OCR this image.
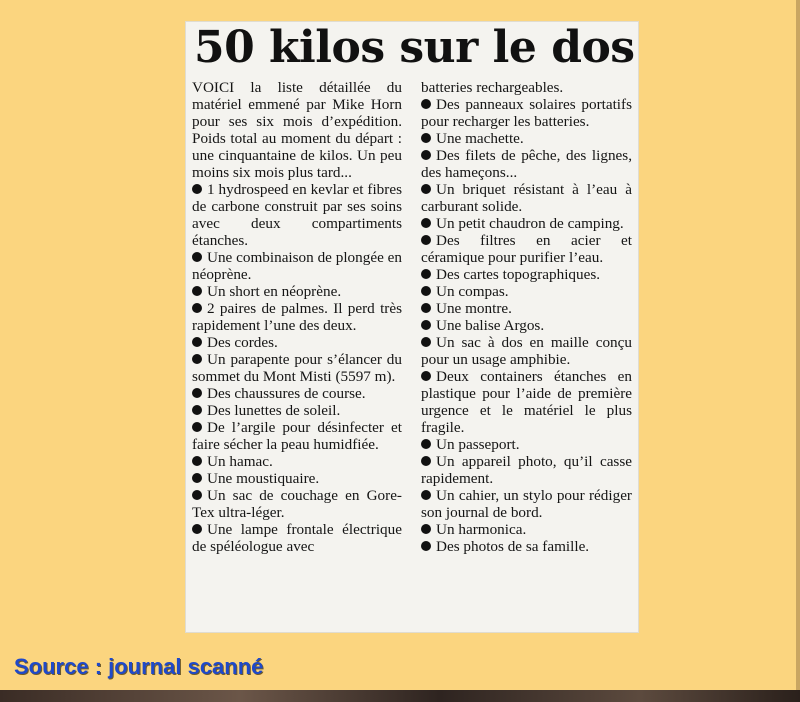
50 kilos sur le dos

VOICI la liste détaillée du matériel emmené par Mike Horn pour ses six mois d’expédition. Poids total au moment du départ : une cinquantaine de kilos. Un peu moins six mois plus tard...

1 hydrospeed en kevlar et fibres de carbone construit par ses soins avec deux compartiments étanches.

Une combinaison de plongée en néoprène.

Un short en néoprène.

2 paires de palmes. Il perd très rapidement l’une des deux.

Des cordes.

Un parapente pour s’élancer du sommet du Mont Misti (5597 m).

Des chaussures de course.

Des lunettes de soleil.

De l’argile pour désinfecter et faire sécher la peau humidfiée.

Un hamac.

Une moustiquaire.

Un sac de couchage en Gore-Tex ultra-léger.

Une lampe frontale électrique de spéléologue avec

batteries rechargeables.

Des panneaux solaires portatifs pour recharger les batteries.

Une machette.

Des filets de pêche, des lignes, des hameçons...

Un briquet résistant à l’eau à carburant solide.

Un petit chaudron de camping.

Des filtres en acier et céramique pour purifier l’eau.

Des cartes topographiques.

Un compas.

Une montre.

Une balise Argos.

Un sac à dos en maille conçu pour un usage amphibie.

Deux containers étanches en plastique pour l’aide de première urgence et le matériel le plus fragile.

Un passeport.

Un appareil photo, qu’il casse rapidement.

Un cahier, un stylo pour rédiger son journal de bord.

Un harmonica.

Des photos de sa famille.

Source : journal scanné
